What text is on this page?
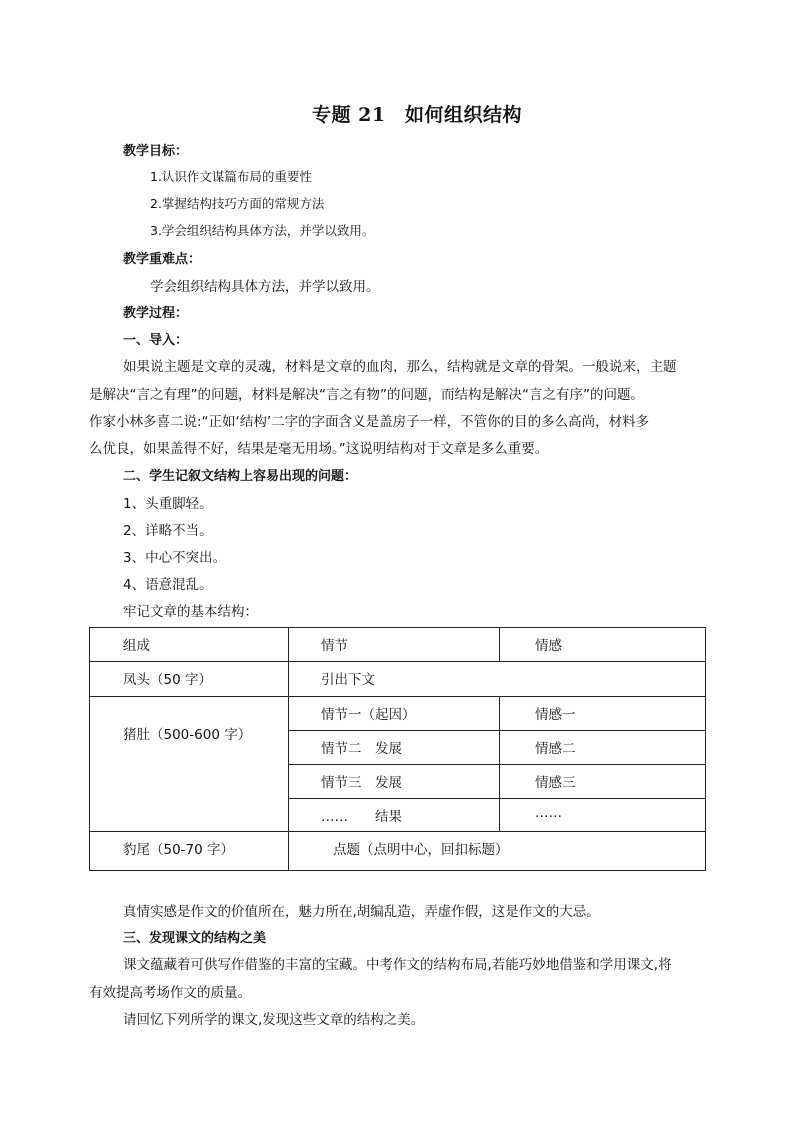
专题 21　如何组织结构
教学目标：
1.认识作文谋篇布局的重要性
2.掌握结构技巧方面的常规方法
3.学会组织结构具体方法，并学以致用。
教学重难点：
学会组织结构具体方法，并学以致用。
教学过程：
一、导入：
如果说主题是文章的灵魂，材料是文章的血肉，那么，结构就是文章的骨架。一般说来，主题
是解决“言之有理”的问题，材料是解决“言之有物”的问题，而结构是解决“言之有序”的问题。
作家小林多喜二说:“正如‘结构’二字的字面含义是盖房子一样，不管你的目的多么高尚，材料多
么优良，如果盖得不好，结果是毫无用场。”这说明结构对于文章是多么重要。
二、学生记叙文结构上容易出现的问题：
1、头重脚轻。
2、详略不当。
3、中心不突出。
4、语意混乱。
牢记文章的基本结构：
组成	情节	情感
凤头（50 字）	引出下文	
猪肚（500-600 字）	情节一（起因）	情感一
	情节二　发展	情感二
	情节三　发展	情感三
	……　　结果	……
豹尾（50-70 字）	点题（点明中心，回扣标题）	
真情实感是作文的价值所在，魅力所在,胡编乱造，弄虚作假，这是作文的大忌。
三、发现课文的结构之美
课文蕴藏着可供写作借鉴的丰富的宝藏。中考作文的结构布局,若能巧妙地借鉴和学用课文,将
有效提高考场作文的质量。
请回忆下列所学的课文,发现这些文章的结构之美。
